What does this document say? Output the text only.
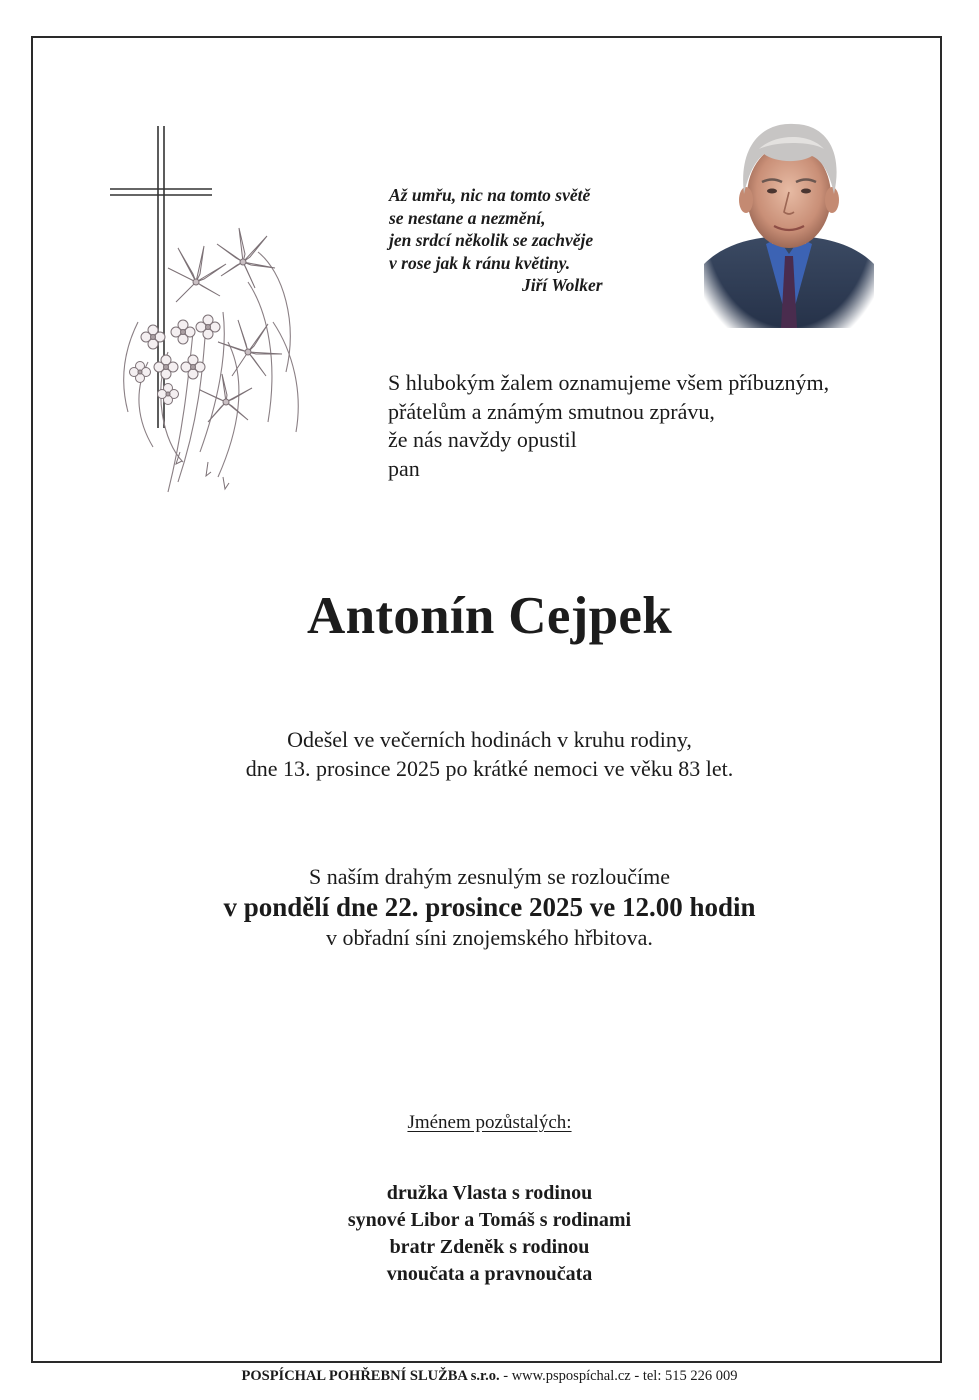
Až umřu, nic na tomto světě
se nestane a nezmění,
jen srdcí několik se zachvěje
v rose jak k ránu květiny.
Jiří Wolker
S hlubokým žalem oznamujeme všem příbuzným,
přátelům a známým smutnou zprávu,
že nás navždy opustil
pan
Antonín Cejpek
Odešel ve večerních hodinách v kruhu rodiny,
dne 13. prosince 2025 po krátké nemoci ve věku 83 let.
S naším drahým zesnulým se rozloučíme
v pondělí dne 22. prosince 2025 ve 12.00 hodin
v obřadní síni znojemského hřbitova.
Jménem pozůstalých:
družka Vlasta s rodinou
synové Libor a Tomáš s rodinami
bratr Zdeněk s rodinou
vnoučata a pravnoučata
POSPÍCHAL POHŘEBNÍ SLUŽBA s.r.o. - www.pspospíchal.cz - tel: 515 226 009
